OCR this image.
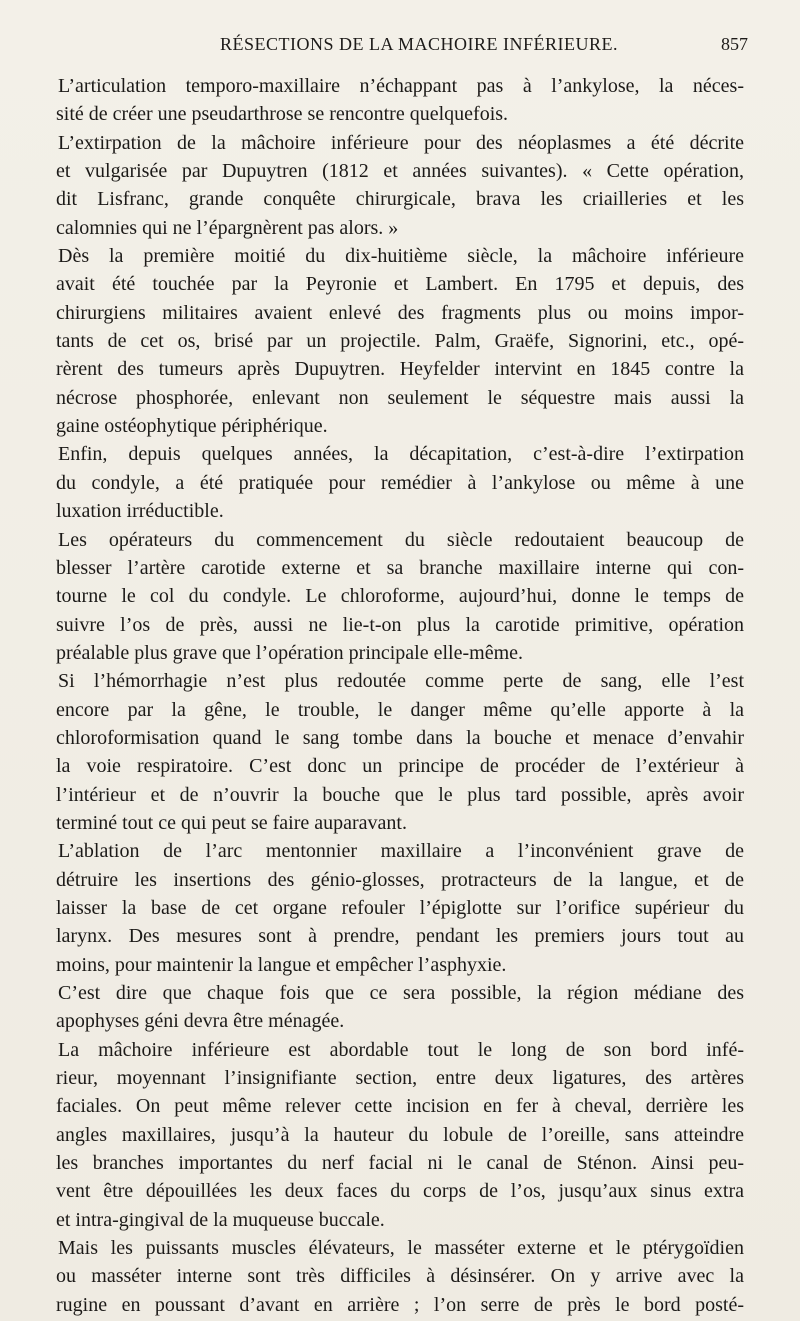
RÉSECTIONS DE LA MACHOIRE INFÉRIEURE.	857
L’articulation temporo-maxillaire n’échappant pas à l’ankylose, la néces-
sité de créer une pseudarthrose se rencontre quelquefois.
L’extirpation de la mâchoire inférieure pour des néoplasmes a été décrite
et vulgarisée par Dupuytren (1812 et années suivantes). « Cette opération,
dit Lisfranc, grande conquête chirurgicale, brava les criailleries et les
calomnies qui ne l’épargnèrent pas alors. »
Dès la première moitié du dix-huitième siècle, la mâchoire inférieure
avait été touchée par la Peyronie et Lambert. En 1795 et depuis, des
chirurgiens militaires avaient enlevé des fragments plus ou moins impor-
tants de cet os, brisé par un projectile. Palm, Graëfe, Signorini, etc., opé-
rèrent des tumeurs après Dupuytren. Heyfelder intervint en 1845 contre la
nécrose phosphorée, enlevant non seulement le séquestre mais aussi la
gaine ostéophytique périphérique.
Enfin, depuis quelques années, la décapitation, c’est-à-dire l’extirpation
du condyle, a été pratiquée pour remédier à l’ankylose ou même à une
luxation irréductible.
Les opérateurs du commencement du siècle redoutaient beaucoup de
blesser l’artère carotide externe et sa branche maxillaire interne qui con-
tourne le col du condyle. Le chloroforme, aujourd’hui, donne le temps de
suivre l’os de près, aussi ne lie-t-on plus la carotide primitive, opération
préalable plus grave que l’opération principale elle-même.
Si l’hémorrhagie n’est plus redoutée comme perte de sang, elle l’est
encore par la gêne, le trouble, le danger même qu’elle apporte à la
chloroformisation quand le sang tombe dans la bouche et menace d’envahir
la voie respiratoire. C’est donc un principe de procéder de l’extérieur à
l’intérieur et de n’ouvrir la bouche que le plus tard possible, après avoir
terminé tout ce qui peut se faire auparavant.
L’ablation de l’arc mentonnier maxillaire a l’inconvénient grave de
détruire les insertions des génio-glosses, protracteurs de la langue, et de
laisser la base de cet organe refouler l’épiglotte sur l’orifice supérieur du
larynx. Des mesures sont à prendre, pendant les premiers jours tout au
moins, pour maintenir la langue et empêcher l’asphyxie.
C’est dire que chaque fois que ce sera possible, la région médiane des
apophyses géni devra être ménagée.
La mâchoire inférieure est abordable tout le long de son bord infé-
rieur, moyennant l’insignifiante section, entre deux ligatures, des artères
faciales. On peut même relever cette incision en fer à cheval, derrière les
angles maxillaires, jusqu’à la hauteur du lobule de l’oreille, sans atteindre
les branches importantes du nerf facial ni le canal de Sténon. Ainsi peu-
vent être dépouillées les deux faces du corps de l’os, jusqu’aux sinus extra
et intra-gingival de la muqueuse buccale.
Mais les puissants muscles élévateurs, le masséter externe et le ptérygoïdien
ou masséter interne sont très difficiles à désinsérer. On y arrive avec la
rugine en poussant d’avant en arrière ; l’on serre de près le bord posté-
